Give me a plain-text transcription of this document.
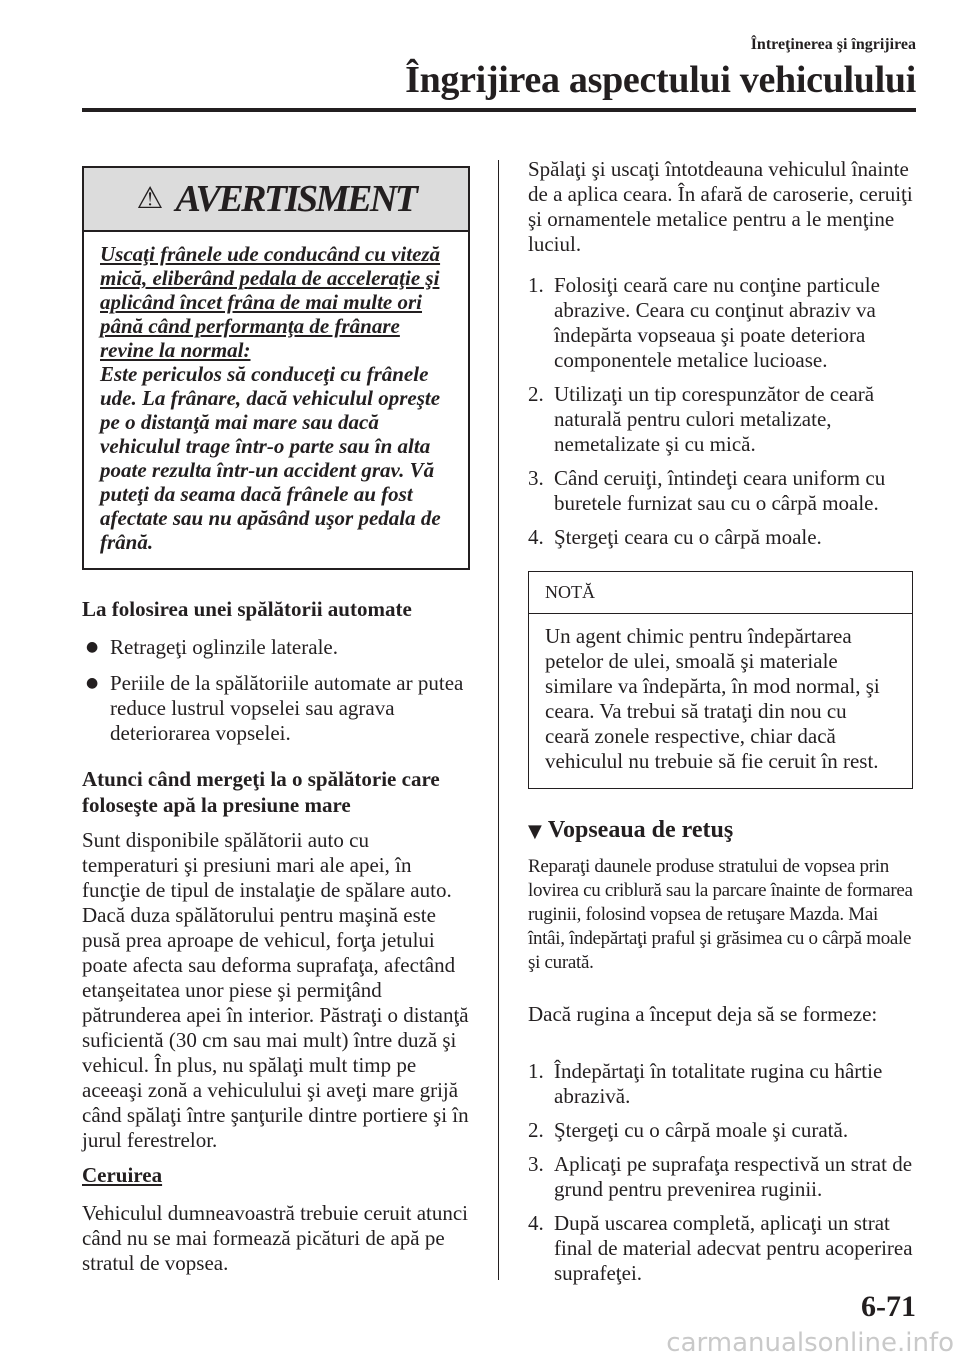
Întreţinerea şi îngrijirea
Îngrijirea aspectului vehiculului
⚠ AVERTISMENT
Uscaţi frânele ude conducând cu viteză mică, eliberând pedala de acceleraţie şi aplicând încet frâna de mai multe ori până când performanţa de frânare revine la normal:
Este periculos să conduceţi cu frânele ude. La frânare, dacă vehiculul opreşte pe o distanţă mai mare sau dacă vehiculul trage într-o parte sau în alta poate rezulta într-un accident grav. Vă puteţi da seama dacă frânele au fost afectate sau nu apăsând uşor pedala de frână.
La folosirea unei spălătorii automate
● Retrageţi oglinzile laterale.
● Periile de la spălătoriile automate ar putea reduce lustrul vopselei sau agrava deteriorarea vopselei.
Atunci când mergeţi la o spălătorie care foloseşte apă la presiune mare

Sunt disponibile spălătorii auto cu temperaturi şi presiuni mari ale apei, în funcţie de tipul de instalaţie de spălare auto. Dacă duza spălătorului pentru maşină este pusă prea aproape de vehicul, forţa jetului poate afecta sau deforma suprafaţa, afectând etanşeitatea unor piese şi permiţând pătrunderea apei în interior. Păstraţi o distanţă suficientă (30 cm sau mai mult) între duză şi vehicul. În plus, nu spălaţi mult timp pe aceeaşi zonă a vehiculului şi aveţi mare grijă când spălaţi între şanţurile dintre portiere şi în jurul ferestrelor.

Ceruirea

Vehiculul dumneavoastră trebuie ceruit atunci când nu se mai formează picături de apă pe stratul de vopsea.

Spălaţi şi uscaţi întotdeauna vehiculul înainte de a aplica ceara. În afară de caroserie, ceruiţi şi ornamentele metalice pentru a le menţine luciul.

1. Folosiţi ceară care nu conţine particule abrazive. Ceara cu conţinut abraziv va îndepărta vopseaua şi poate deteriora componentele metalice lucioase.
2. Utilizaţi un tip corespunzător de ceară naturală pentru culori metalizate, nemetalizate şi cu mică.
3. Când ceruiţi, întindeţi ceara uniform cu buretele furnizat sau cu o cârpă moale.
4. Ştergeţi ceara cu o cârpă moale.
NOTĂ
Un agent chimic pentru îndepărtarea petelor de ulei, smoală şi materiale similare va îndepărta, în mod normal, şi ceara. Va trebui să trataţi din nou cu ceară zonele respective, chiar dacă vehiculul nu trebuie să fie ceruit în rest.
▼ Vopseaua de retuş
Reparaţi daunele produse stratului de vopsea prin lovirea cu criblură sau la parcare înainte de formarea ruginii, folosind vopsea de retuşare Mazda. Mai întâi, îndepărtaţi praful şi grăsimea cu o cârpă moale şi curată.

Dacă rugina a început deja să se formeze:

1. Îndepărtaţi în totalitate rugina cu hârtie abrazivă.
2. Ştergeţi cu o cârpă moale şi curată.
3. Aplicaţi pe suprafaţa respectivă un strat de grund pentru prevenirea ruginii.
4. După uscarea completă, aplicaţi un strat final de material adecvat pentru acoperirea suprafeţei.
6-71
carmanualsonline.info
